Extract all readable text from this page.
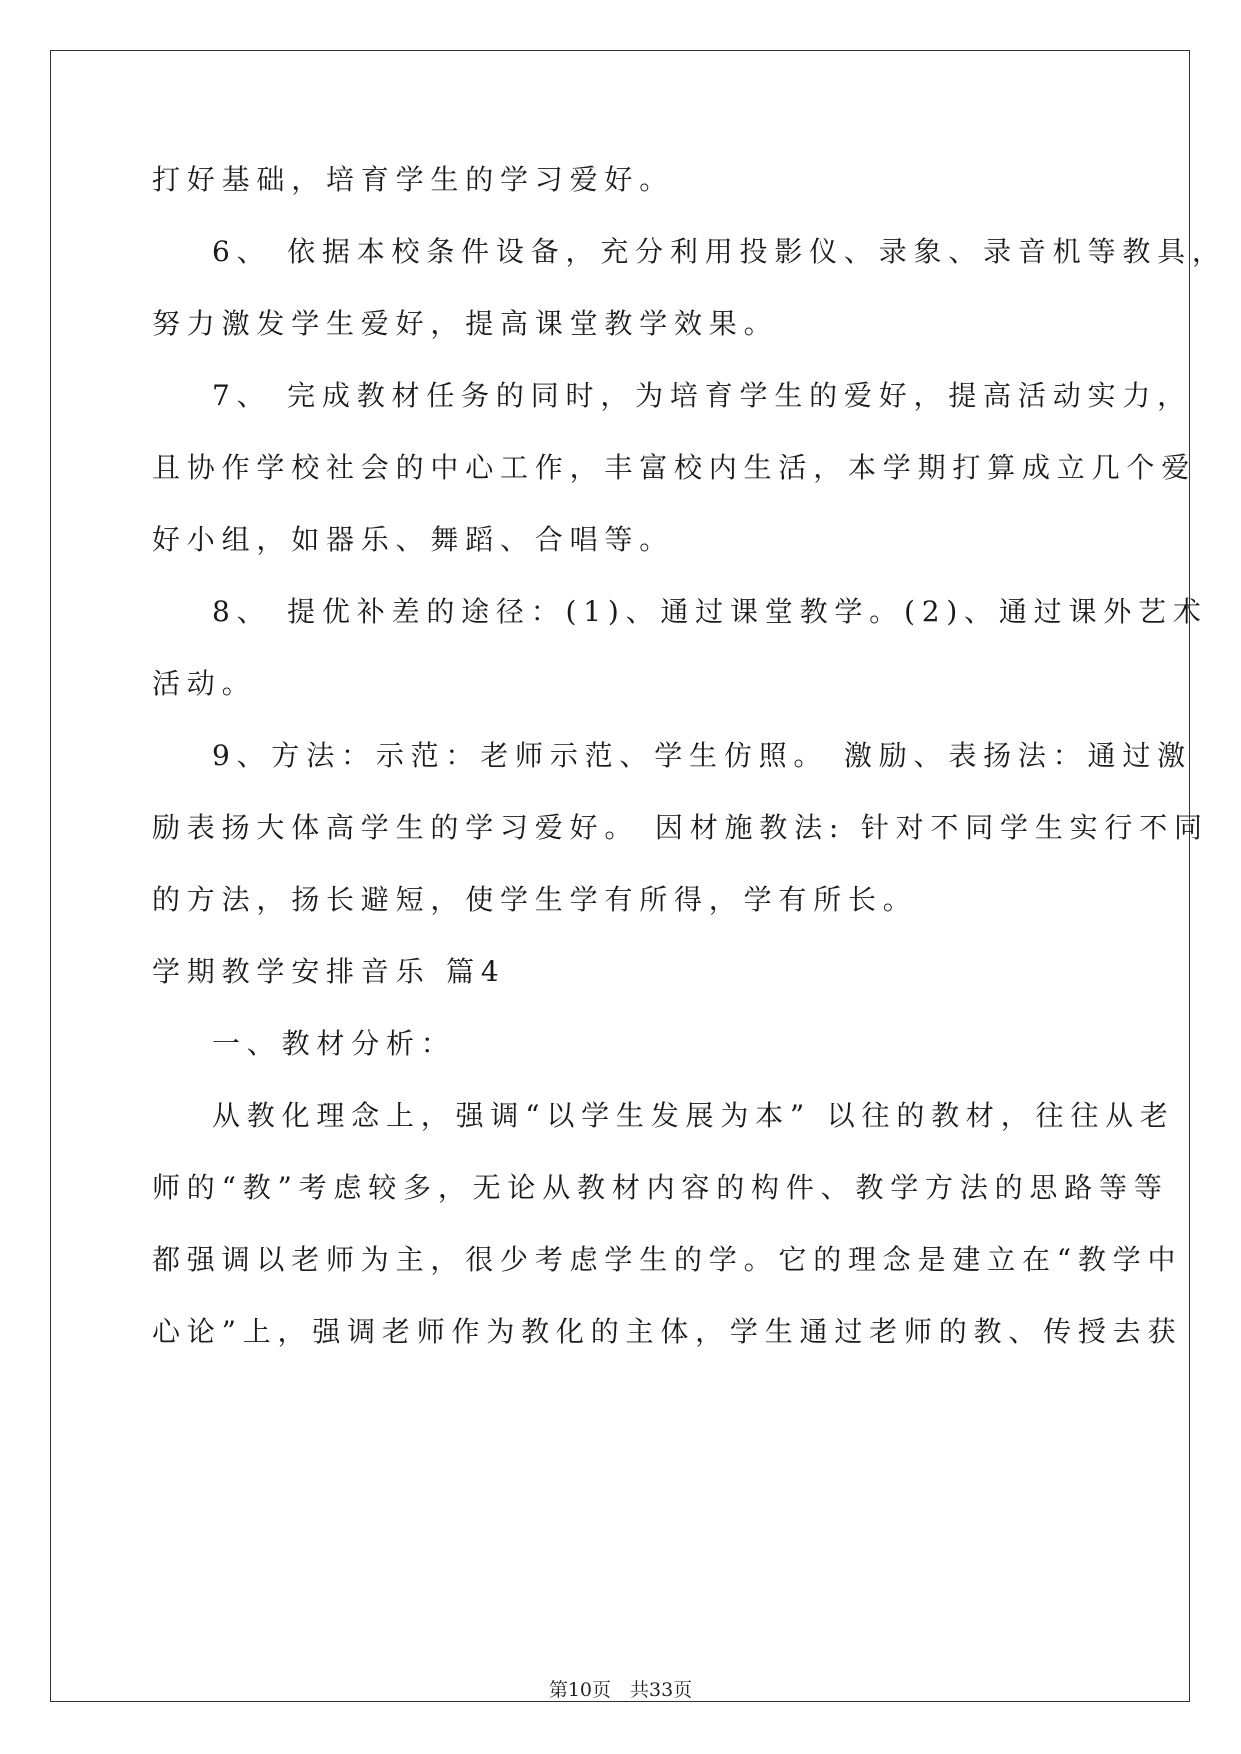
打好基础，培育学生的学习爱好。
6、 依据本校条件设备，充分利用投影仪、录象、录音机等教具，
努力激发学生爱好，提高课堂教学效果。
7、 完成教材任务的同时，为培育学生的爱好，提高活动实力，
且协作学校社会的中心工作，丰富校内生活，本学期打算成立几个爱
好小组，如器乐、舞蹈、合唱等。
8、 提优补差的途径：(1)、通过课堂教学。(2)、通过课外艺术
活动。
9、方法：示范：老师示范、学生仿照。 激励、表扬法：通过激
励表扬大体高学生的学习爱好。 因材施教法: 针对不同学生实行不同
的方法，扬长避短，使学生学有所得，学有所长。
学期教学安排音乐 篇4
一、教材分析：
从教化理念上，强调“以学生发展为本” 以往的教材，往往从老
师的“教”考虑较多，无论从教材内容的构件、教学方法的思路等等
都强调以老师为主，很少考虑学生的学。它的理念是建立在“教学中
心论”上，强调老师作为教化的主体，学生通过老师的教、传授去获
第10页　共33页
